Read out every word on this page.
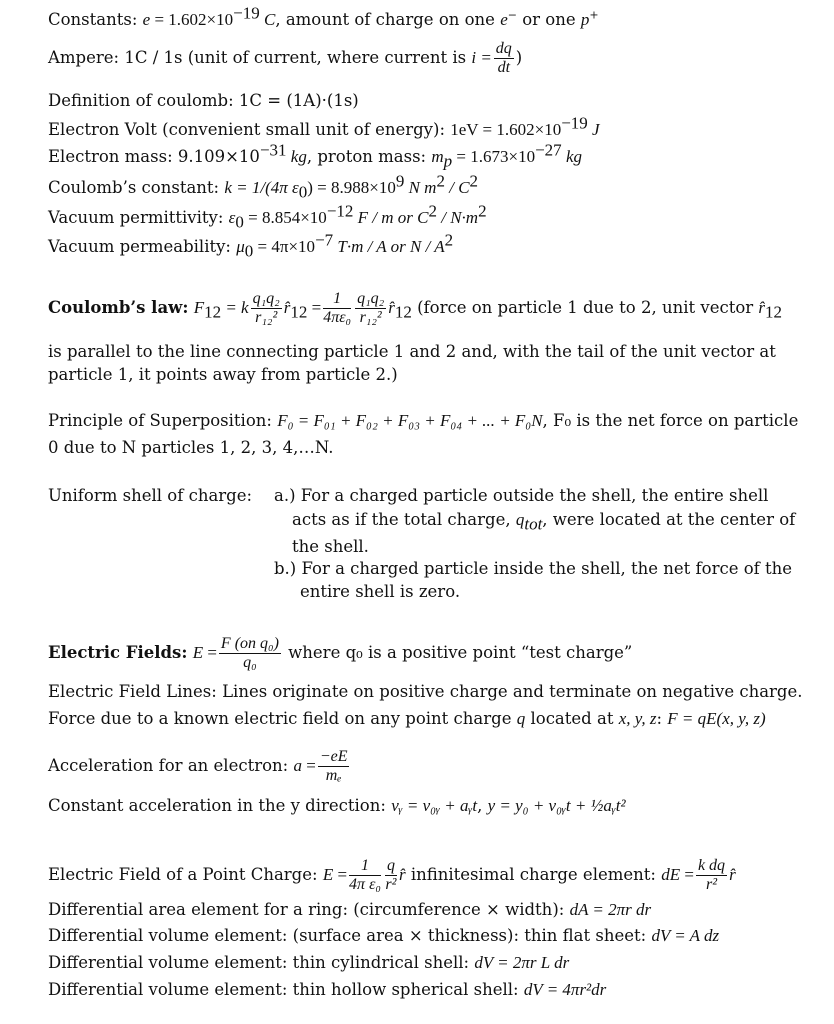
Constants: $e = 1.602\times 10^{-19}$ C, amount of charge on one e− or one p+
Ampere: 1C / 1s (unit of current, where current is $i = \frac{dq}{dt}$ )
Definition of coulomb: 1C = (1A)·(1s)
Electron Volt (convenient small unit of energy): $1eV = 1.602\times 10^{-19}$ J
Electron mass: $9.109\times 10^{-31}$ kg, proton mass: $m_p = 1.673\times 10^{-27}$ kg
Coulomb’s constant: k = 1/(4π $\varepsilon_0) = 8.988\times 10^9$ N $m^2 / C^2$
Vacuum permittivity: $\varepsilon_0 = 8.854\times 10^{-12}$ F / m or $C^2 / N\cdot m^2$
Vacuum permeability: $\mu_0 = 4\pi\times 10^{-7}$ T·m / A or N / $A^2$
Coulomb’s law: $F_{12} = k \frac{\text{q₁q₂}}{\text{r₁₂²}}$ $r̂_{12} = \frac{1}{\text{4πε₀}} \frac{\text{q₁q₂}}{\text{r₁₂²}}$ $r̂_{12}$ (force on particle 1 due to 2, unit vector $r̂_{12}$
is parallel to the line connecting particle 1 and 2 and, with the tail of the unit vector at
particle 1, it points away from particle 2.)
Principle of Superposition: F₀ = F₀₁ + F₀₂ + F₀₃ + F₀₄ + ... + F₀N, F₀ is the net force on particle
0 due to N particles 1, 2, 3, 4,…N.
Uniform shell of charge: a.) For a charged particle outside the shell, the entire shell
acts as if the total charge, $q_{tot}$, were located at the center of
the shell.
b.) For a charged particle inside the shell, the net force of the
entire shell is zero.
Electric Fields: $E = \frac{\text{F (on q₀)}}{\text{q₀}}$ where q₀ is a positive point “test charge”
Electric Field Lines: Lines originate on positive charge and terminate on negative charge.
Force due to a known electric field on any point charge q located at x, y, z: F = qE(x, y, z)
Acceleration for an electron: $a = \frac{-eE}{\text{mₑ}}$
Constant acceleration in the y direction: vᵧ = v₀ᵧ + aᵧt, y = y₀ + v₀ᵧt + ½aᵧt²
Electric Field of a Point Charge: $E = \frac{1}{\text{4π ε₀}} \frac{q}{\text{r²}}$ r̂ infinitesimal charge element: dE = $\frac{\text{k dq}}{\text{r²}}$ r̂
Differential area element for a ring: (circumference × width): dA = 2πr dr
Differential volume element: (surface area × thickness): thin flat sheet: dV = A dz
Differential volume element: thin cylindrical shell: dV = 2πr L dr
Differential volume element: thin hollow spherical shell: dV = 4πr²dr
